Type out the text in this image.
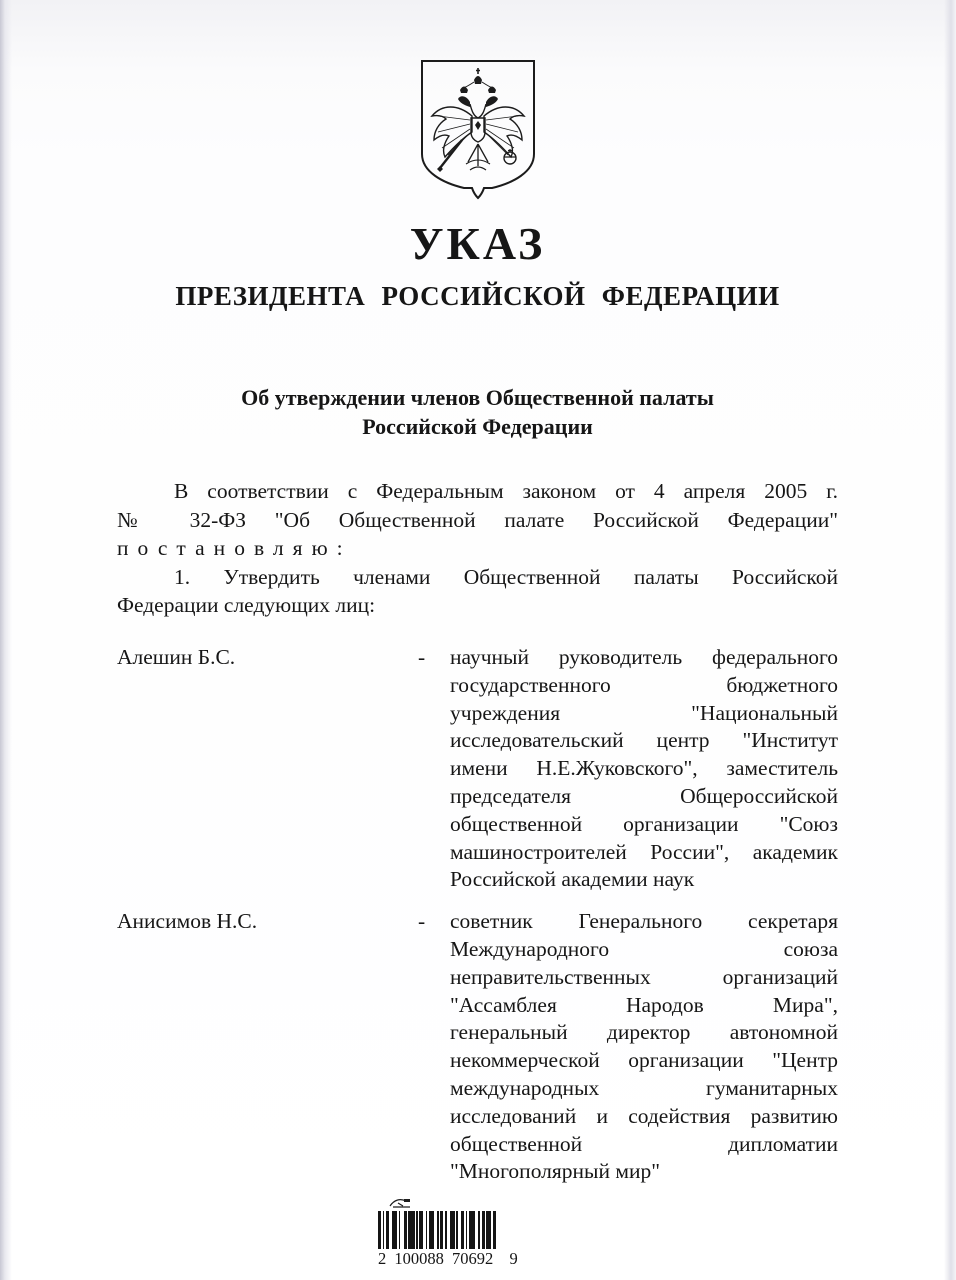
УКАЗ
ПРЕЗИДЕНТА РОССИЙСКОЙ ФЕДЕРАЦИИ
Об утверждении членов Общественной палаты
Российской Федерации
В соответствии с Федеральным законом от 4 апреля 2005 г.
№ 32-ФЗ "Об Общественной палате Российской Федерации"
постановляю:
1. Утвердить членами Общественной палаты Российской
Федерации следующих лиц:
Алешин Б.С.	-	научный руководитель федерального
государственного бюджетного
учреждения "Национальный
исследовательский центр "Институт
имени Н.Е.Жуковского", заместитель
председателя Общероссийской
общественной организации "Союз
машиностроителей России", академик
Российской академии наук
Анисимов Н.С.	-	советник Генерального секретаря
Международного союза
неправительственных организаций
"Ассамблея Народов Мира",
генеральный директор автономной
некоммерческой организации "Центр
международных гуманитарных
исследований и содействия развитию
общественной дипломатии
"Многополярный мир"
2 100088 70692  9
